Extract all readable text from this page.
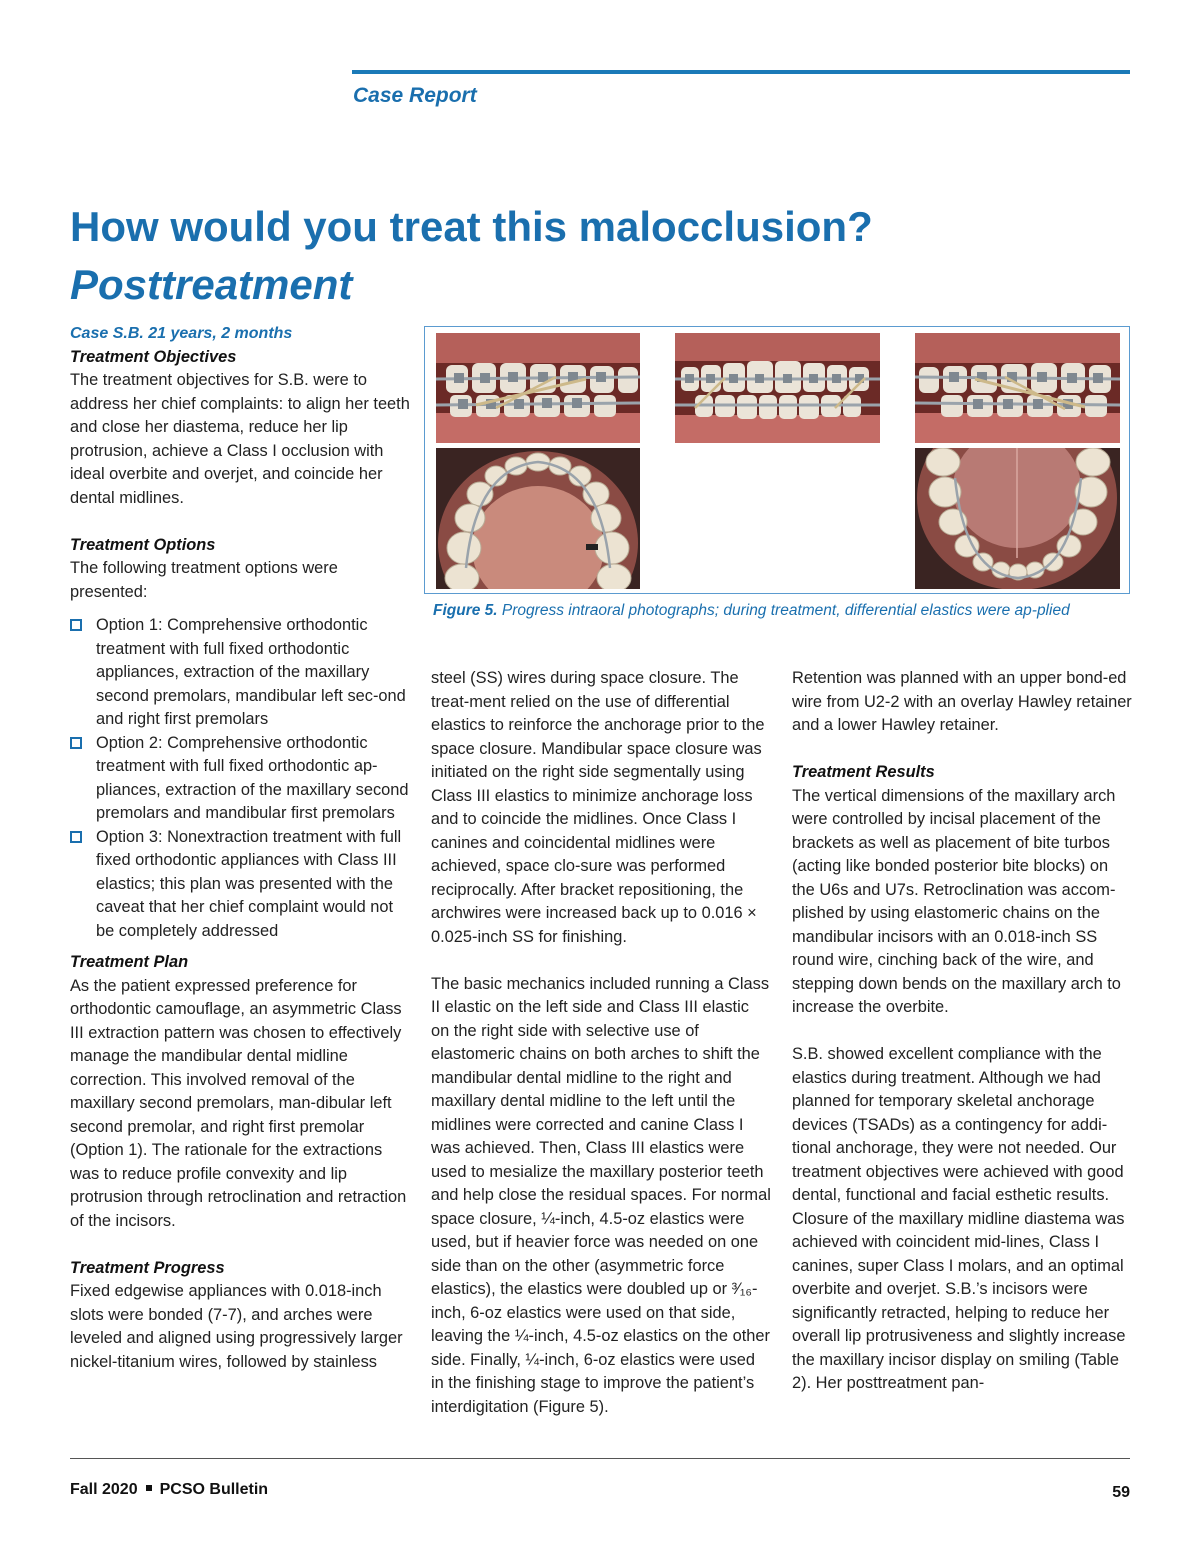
Case Report
How would you treat this malocclusion?
Posttreatment

Case S.B. 21 years, 2 months

Treatment Objectives

The treatment objectives for S.B. were to address her chief complaints: to align her teeth and close her diastema, reduce her lip protrusion, achieve a Class I occlusion with ideal overbite and overjet, and coincide her dental midlines.

Treatment Options

The following treatment options were presented:

Option 1: Comprehensive orthodontic treatment with full fixed orthodontic appliances, extraction of the maxillary second premolars, mandibular left sec-ond and right first premolars
Option 2: Comprehensive orthodontic treatment with full fixed orthodontic ap-pliances, extraction of the maxillary second premolars and mandibular first premolars
Option 3: Nonextraction treatment with full fixed orthodontic appliances with Class III elastics; this plan was presented with the caveat that her chief complaint would not be completely addressed

Treatment Plan

As the patient expressed preference for orthodontic camouflage, an asymmetric Class III extraction pattern was chosen to effectively manage the mandibular dental midline correction. This involved removal of the maxillary second premolars, man-dibular left second premolar, and right first premolar (Option 1). The rationale for the extractions was to reduce profile convexity and lip protrusion through retroclination and retraction of the incisors.

Treatment Progress

Fixed edgewise appliances with 0.018-inch slots were bonded (7-7), and arches were leveled and aligned using progressively larger nickel-titanium wires, followed by stainless

Figure 5. Progress intraoral photographs; during treatment, differential elastics were ap-plied

steel (SS) wires during space closure. The treat-ment relied on the use of differential elastics to reinforce the anchorage prior to the space closure. Mandibular space closure was initiated on the right side segmentally using Class III elastics to minimize anchorage loss and to coincide the midlines. Once Class I canines and coincidental midlines were achieved, space clo-sure was performed reciprocally. After bracket repositioning, the archwires were increased back up to 0.016 × 0.025-inch SS for finishing.

The basic mechanics included running a Class II elastic on the left side and Class III elastic on the right side with selective use of elastomeric chains on both arches to shift the mandibular dental midline to the right and maxillary dental midline to the left until the midlines were corrected and canine Class I was achieved. Then, Class III elastics were used to mesialize the maxillary posterior teeth and help close the residual spaces. For normal space closure, ¼-inch, 4.5-oz elastics were used, but if heavier force was needed on one side than on the other (asymmetric force elastics), the elastics were doubled up or ³⁄₁₆-inch, 6-oz elastics were used on that side, leaving the ¼-inch, 4.5-oz elastics on the other side. Finally, ¼-inch, 6-oz elastics were used in the finishing stage to improve the patient’s interdigitation (Figure 5).

Retention was planned with an upper bond-ed wire from U2-2 with an overlay Hawley retainer and a lower Hawley retainer.

Treatment Results

The vertical dimensions of the maxillary arch were controlled by incisal placement of the brackets as well as placement of bite turbos (acting like bonded posterior bite blocks) on the U6s and U7s. Retroclination was accom-plished by using elastomeric chains on the mandibular incisors with an 0.018-inch SS round wire, cinching back of the wire, and stepping down bends on the maxillary arch to increase the overbite.

S.B. showed excellent compliance with the elastics during treatment. Although we had planned for temporary skeletal anchorage devices (TSADs) as a contingency for addi-tional anchorage, they were not needed. Our treatment objectives were achieved with good dental, functional and facial esthetic results. Closure of the maxillary midline diastema was achieved with coincident mid-lines, Class I canines, super Class I molars, and an optimal overbite and overjet. S.B.’s incisors were significantly retracted, helping to reduce her overall lip protrusiveness and slightly increase the maxillary incisor display on smiling (Table 2). Her posttreatment pan-

Fall 2020 PCSO Bulletin	59
